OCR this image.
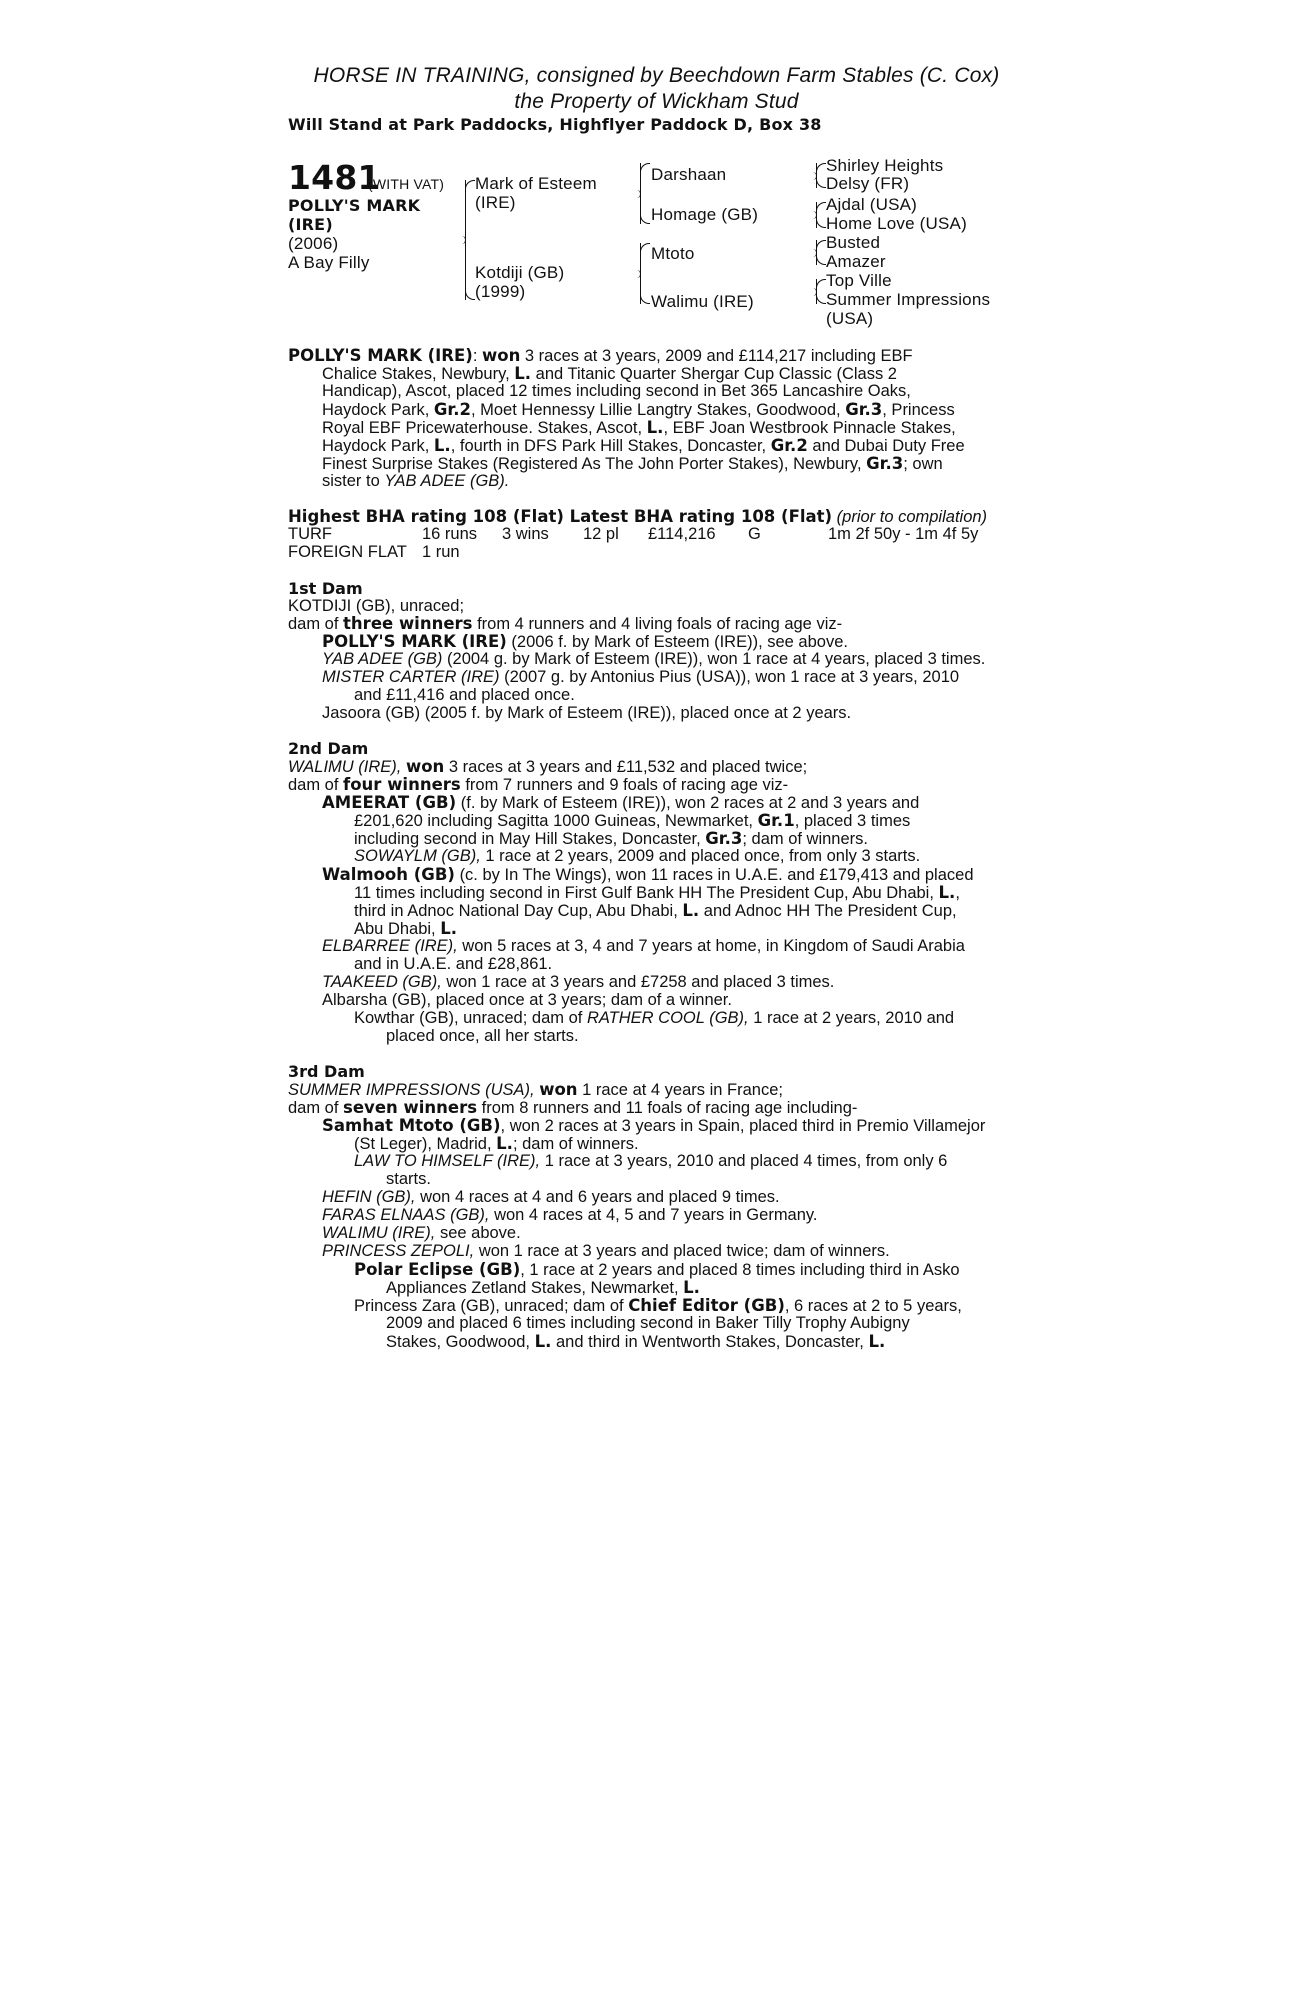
HORSE IN TRAINING, consigned by Beechdown Farm Stables (C. Cox)
the Property of Wickham Stud
Will Stand at Park Paddocks, Highflyer Paddock D, Box 38
1481
(WITH VAT)
POLLY'S MARK
(IRE)
(2006)
A Bay Filly
Mark of Esteem
(IRE)
Kotdiji (GB)
(1999)
Darshaan
Homage (GB)
Mtoto
Walimu (IRE)
Shirley Heights
Delsy (FR)
Ajdal (USA)
Home Love (USA)
Busted
Amazer
Top Ville
Summer Impressions
(USA)
POLLY'S MARK (IRE): won 3 races at 3 years, 2009 and £114,217 including EBF
Chalice Stakes, Newbury, L. and Titanic Quarter Shergar Cup Classic (Class 2
Handicap), Ascot, placed 12 times including second in Bet 365 Lancashire Oaks,
Haydock Park, Gr.2, Moet Hennessy Lillie Langtry Stakes, Goodwood, Gr.3, Princess
Royal EBF Pricewaterhouse. Stakes, Ascot, L., EBF Joan Westbrook Pinnacle Stakes,
Haydock Park, L., fourth in DFS Park Hill Stakes, Doncaster, Gr.2 and Dubai Duty Free
Finest Surprise Stakes (Registered As The John Porter Stakes), Newbury, Gr.3; own
sister to YAB ADEE (GB).
Highest BHA rating 108 (Flat) Latest BHA rating 108 (Flat) (prior to compilation)
TURF	16 runs 3 wins 12 pl £114,216 G	1m 2f 50y - 1m 4f 5y
FOREIGN FLAT 1 run
1st Dam
KOTDIJI (GB), unraced;
dam of three winners from 4 runners and 4 living foals of racing age viz-
POLLY'S MARK (IRE) (2006 f. by Mark of Esteem (IRE)), see above.
YAB ADEE (GB) (2004 g. by Mark of Esteem (IRE)), won 1 race at 4 years, placed 3 times.
MISTER CARTER (IRE) (2007 g. by Antonius Pius (USA)), won 1 race at 3 years, 2010
and £11,416 and placed once.
Jasoora (GB) (2005 f. by Mark of Esteem (IRE)), placed once at 2 years.
2nd Dam
WALIMU (IRE), won 3 races at 3 years and £11,532 and placed twice;
dam of four winners from 7 runners and 9 foals of racing age viz-
AMEERAT (GB) (f. by Mark of Esteem (IRE)), won 2 races at 2 and 3 years and
£201,620 including Sagitta 1000 Guineas, Newmarket, Gr.1, placed 3 times
including second in May Hill Stakes, Doncaster, Gr.3; dam of winners.
SOWAYLM (GB), 1 race at 2 years, 2009 and placed once, from only 3 starts.
Walmooh (GB) (c. by In The Wings), won 11 races in U.A.E. and £179,413 and placed
11 times including second in First Gulf Bank HH The President Cup, Abu Dhabi, L.,
third in Adnoc National Day Cup, Abu Dhabi, L. and Adnoc HH The President Cup,
Abu Dhabi, L.
ELBARREE (IRE), won 5 races at 3, 4 and 7 years at home, in Kingdom of Saudi Arabia
and in U.A.E. and £28,861.
TAAKEED (GB), won 1 race at 3 years and £7258 and placed 3 times.
Albarsha (GB), placed once at 3 years; dam of a winner.
Kowthar (GB), unraced; dam of RATHER COOL (GB), 1 race at 2 years, 2010 and
placed once, all her starts.
3rd Dam
SUMMER IMPRESSIONS (USA), won 1 race at 4 years in France;
dam of seven winners from 8 runners and 11 foals of racing age including-
Samhat Mtoto (GB), won 2 races at 3 years in Spain, placed third in Premio Villamejor
(St Leger), Madrid, L.; dam of winners.
LAW TO HIMSELF (IRE), 1 race at 3 years, 2010 and placed 4 times, from only 6
starts.
HEFIN (GB), won 4 races at 4 and 6 years and placed 9 times.
FARAS ELNAAS (GB), won 4 races at 4, 5 and 7 years in Germany.
WALIMU (IRE), see above.
PRINCESS ZEPOLI, won 1 race at 3 years and placed twice; dam of winners.
Polar Eclipse (GB), 1 race at 2 years and placed 8 times including third in Asko
Appliances Zetland Stakes, Newmarket, L.
Princess Zara (GB), unraced; dam of Chief Editor (GB), 6 races at 2 to 5 years,
2009 and placed 6 times including second in Baker Tilly Trophy Aubigny
Stakes, Goodwood, L. and third in Wentworth Stakes, Doncaster, L.
